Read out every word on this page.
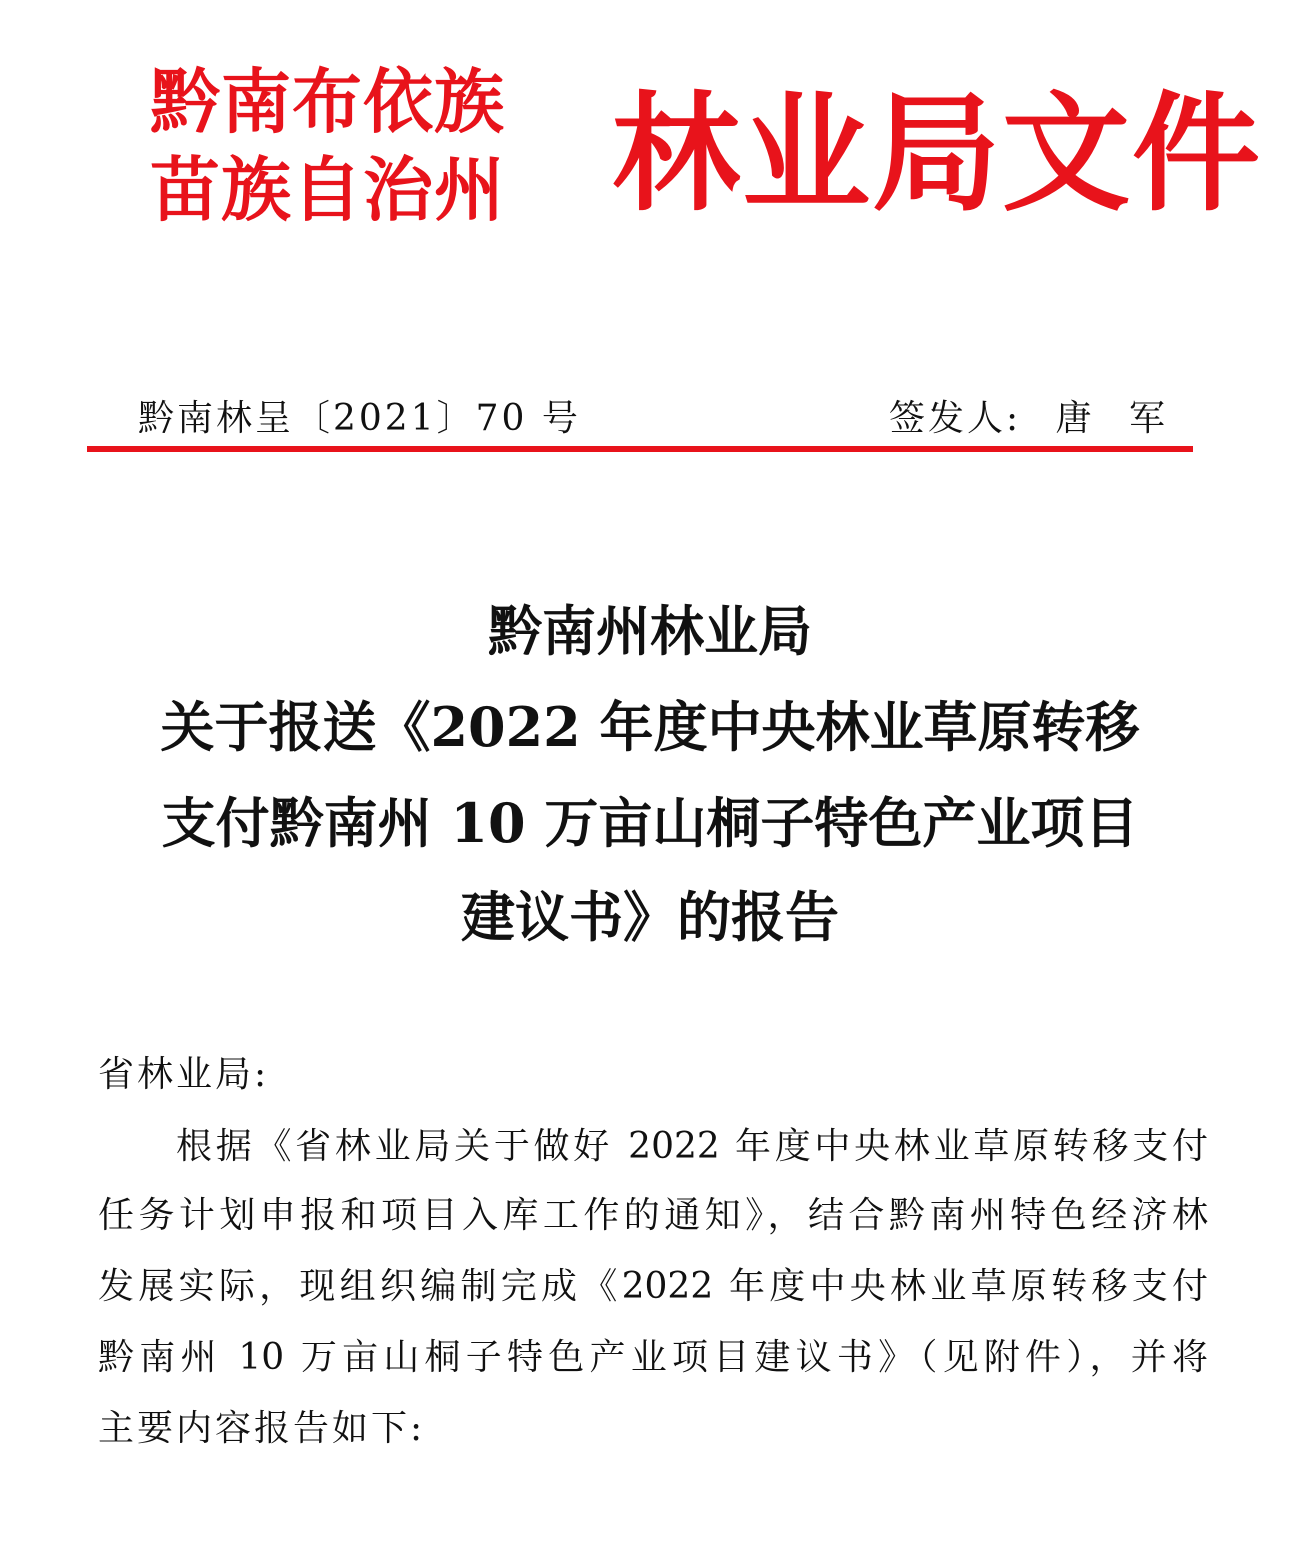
黔南布依族
苗族自治州 林业局文件
黔南林呈〔2021〕70 号	签发人: 唐 军
黔南州林业局
关于报送《2022 年度中央林业草原转移
支付黔南州 10 万亩山桐子特色产业项目
建议书》的报告
省林业局:
根据《省林业局关于做好 2022 年度中央林业草原转移支付
任务计划申报和项目入库工作的通知》，结合黔南州特色经济林
发展实际，现组织编制完成《2022 年度中央林业草原转移支付
黔南州 10 万亩山桐子特色产业项目建议书》（见附件），并将
主要内容报告如下:
